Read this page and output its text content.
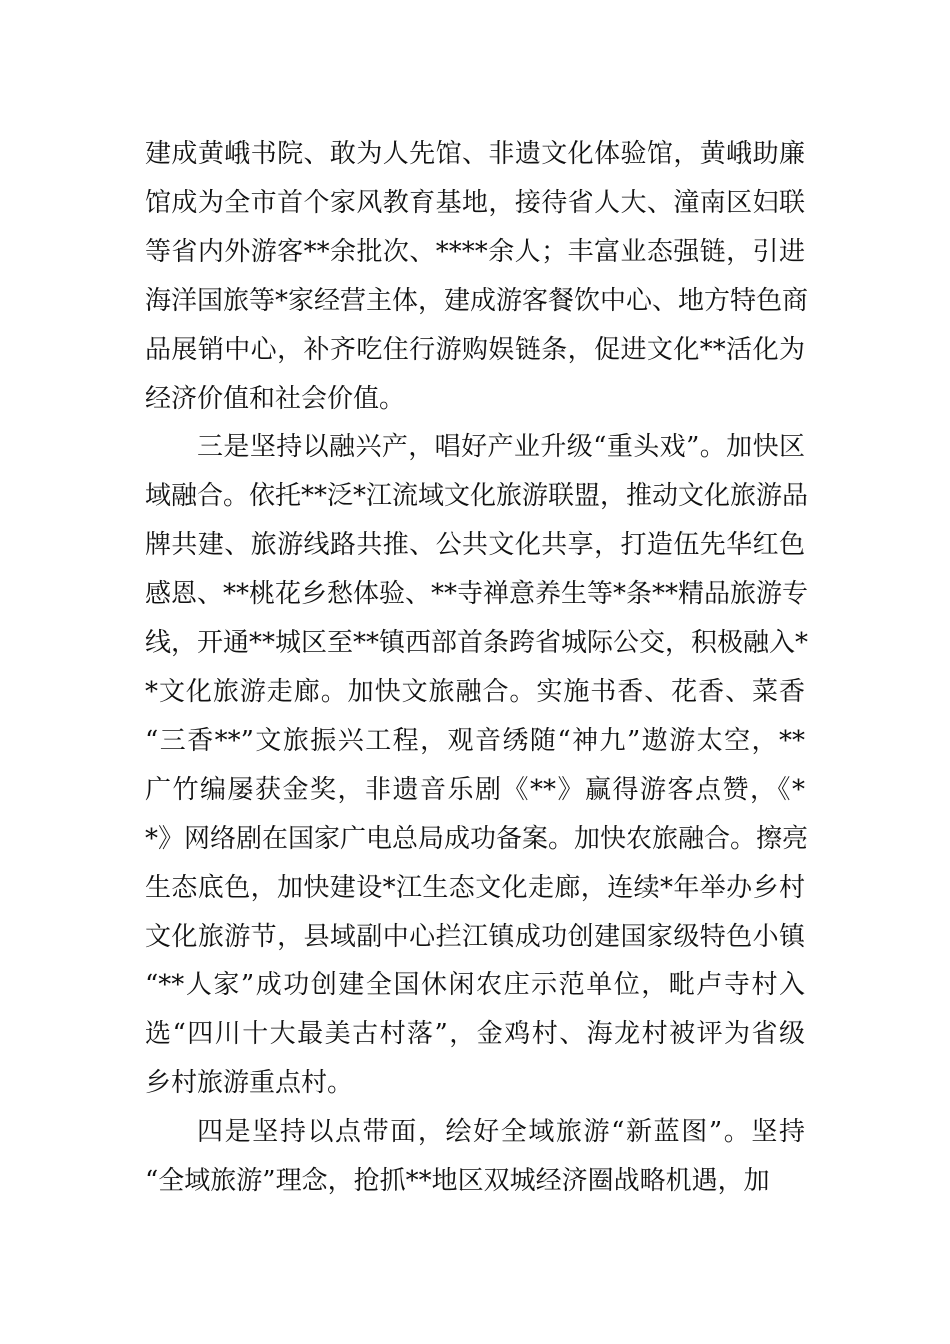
建成黄峨书院、敢为人先馆、非遗文化体验馆，黄峨助廉
馆成为全市首个家风教育基地，接待省人大、潼南区妇联
等省内外游客**余批次、****余人；丰富业态强链，引进
海洋国旅等*家经营主体，建成游客餐饮中心、地方特色商
品展销中心，补齐吃住行游购娱链条，促进文化**活化为
经济价值和社会价值。

三是坚持以融兴产，唱好产业升级“重头戏”。加快区
域融合。依托**泛*江流域文化旅游联盟，推动文化旅游品
牌共建、旅游线路共推、公共文化共享，打造伍先华红色
感恩、**桃花乡愁体验、**寺禅意养生等*条**精品旅游专
线，开通**城区至**镇西部首条跨省城际公交，积极融入*
*文化旅游走廊。加快文旅融合。实施书香、花香、菜香
“三香**”文旅振兴工程，观音绣随“神九”遨游太空，**
广竹编屡获金奖，非遗音乐剧《**》赢得游客点赞，《*
*》网络剧在国家广电总局成功备案。加快农旅融合。擦亮
生态底色，加快建设*江生态文化走廊，连续*年举办乡村
文化旅游节，县域副中心拦江镇成功创建国家级特色小镇
“**人家”成功创建全国休闲农庄示范单位，毗卢寺村入
选“四川十大最美古村落”，金鸡村、海龙村被评为省级
乡村旅游重点村。

四是坚持以点带面，绘好全域旅游“新蓝图”。坚持
“全域旅游”理念，抢抓**地区双城经济圈战略机遇，加
